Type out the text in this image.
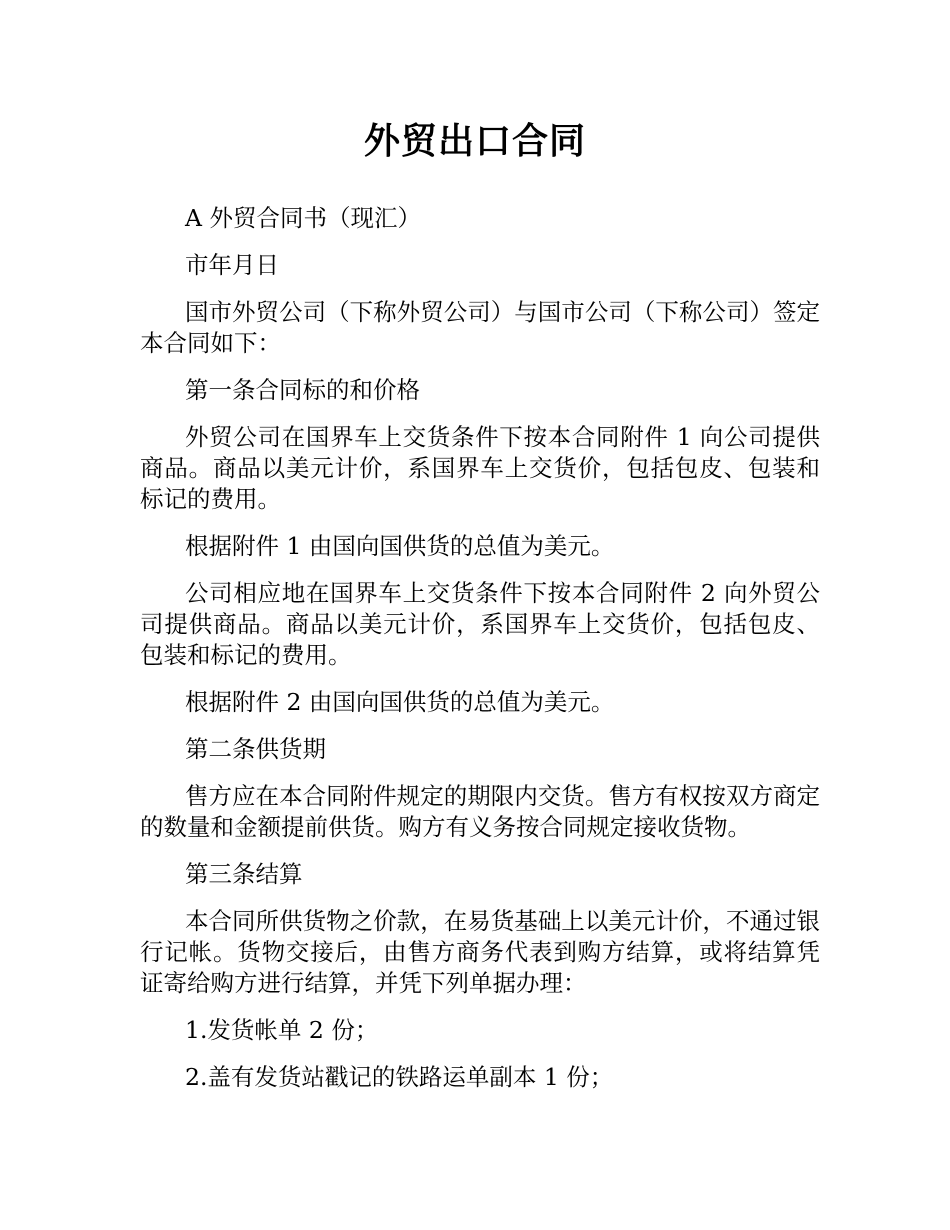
外贸出口合同

A 外贸合同书（现汇）

市年月日

国市外贸公司（下称外贸公司）与国市公司（下称公司）签定本合同如下：

第一条合同标的和价格

外贸公司在国界车上交货条件下按本合同附件 1 向公司提供商品。商品以美元计价，系国界车上交货价，包括包皮、包装和标记的费用。

根据附件 1 由国向国供货的总值为美元。

公司相应地在国界车上交货条件下按本合同附件 2 向外贸公司提供商品。商品以美元计价，系国界车上交货价，包括包皮、包装和标记的费用。

根据附件 2 由国向国供货的总值为美元。

第二条供货期

售方应在本合同附件规定的期限内交货。售方有权按双方商定的数量和金额提前供货。购方有义务按合同规定接收货物。

第三条结算

本合同所供货物之价款，在易货基础上以美元计价，不通过银行记帐。货物交接后，由售方商务代表到购方结算，或将结算凭证寄给购方进行结算，并凭下列单据办理：

1.发货帐单 2 份；

2.盖有发货站戳记的铁路运单副本 1 份；
